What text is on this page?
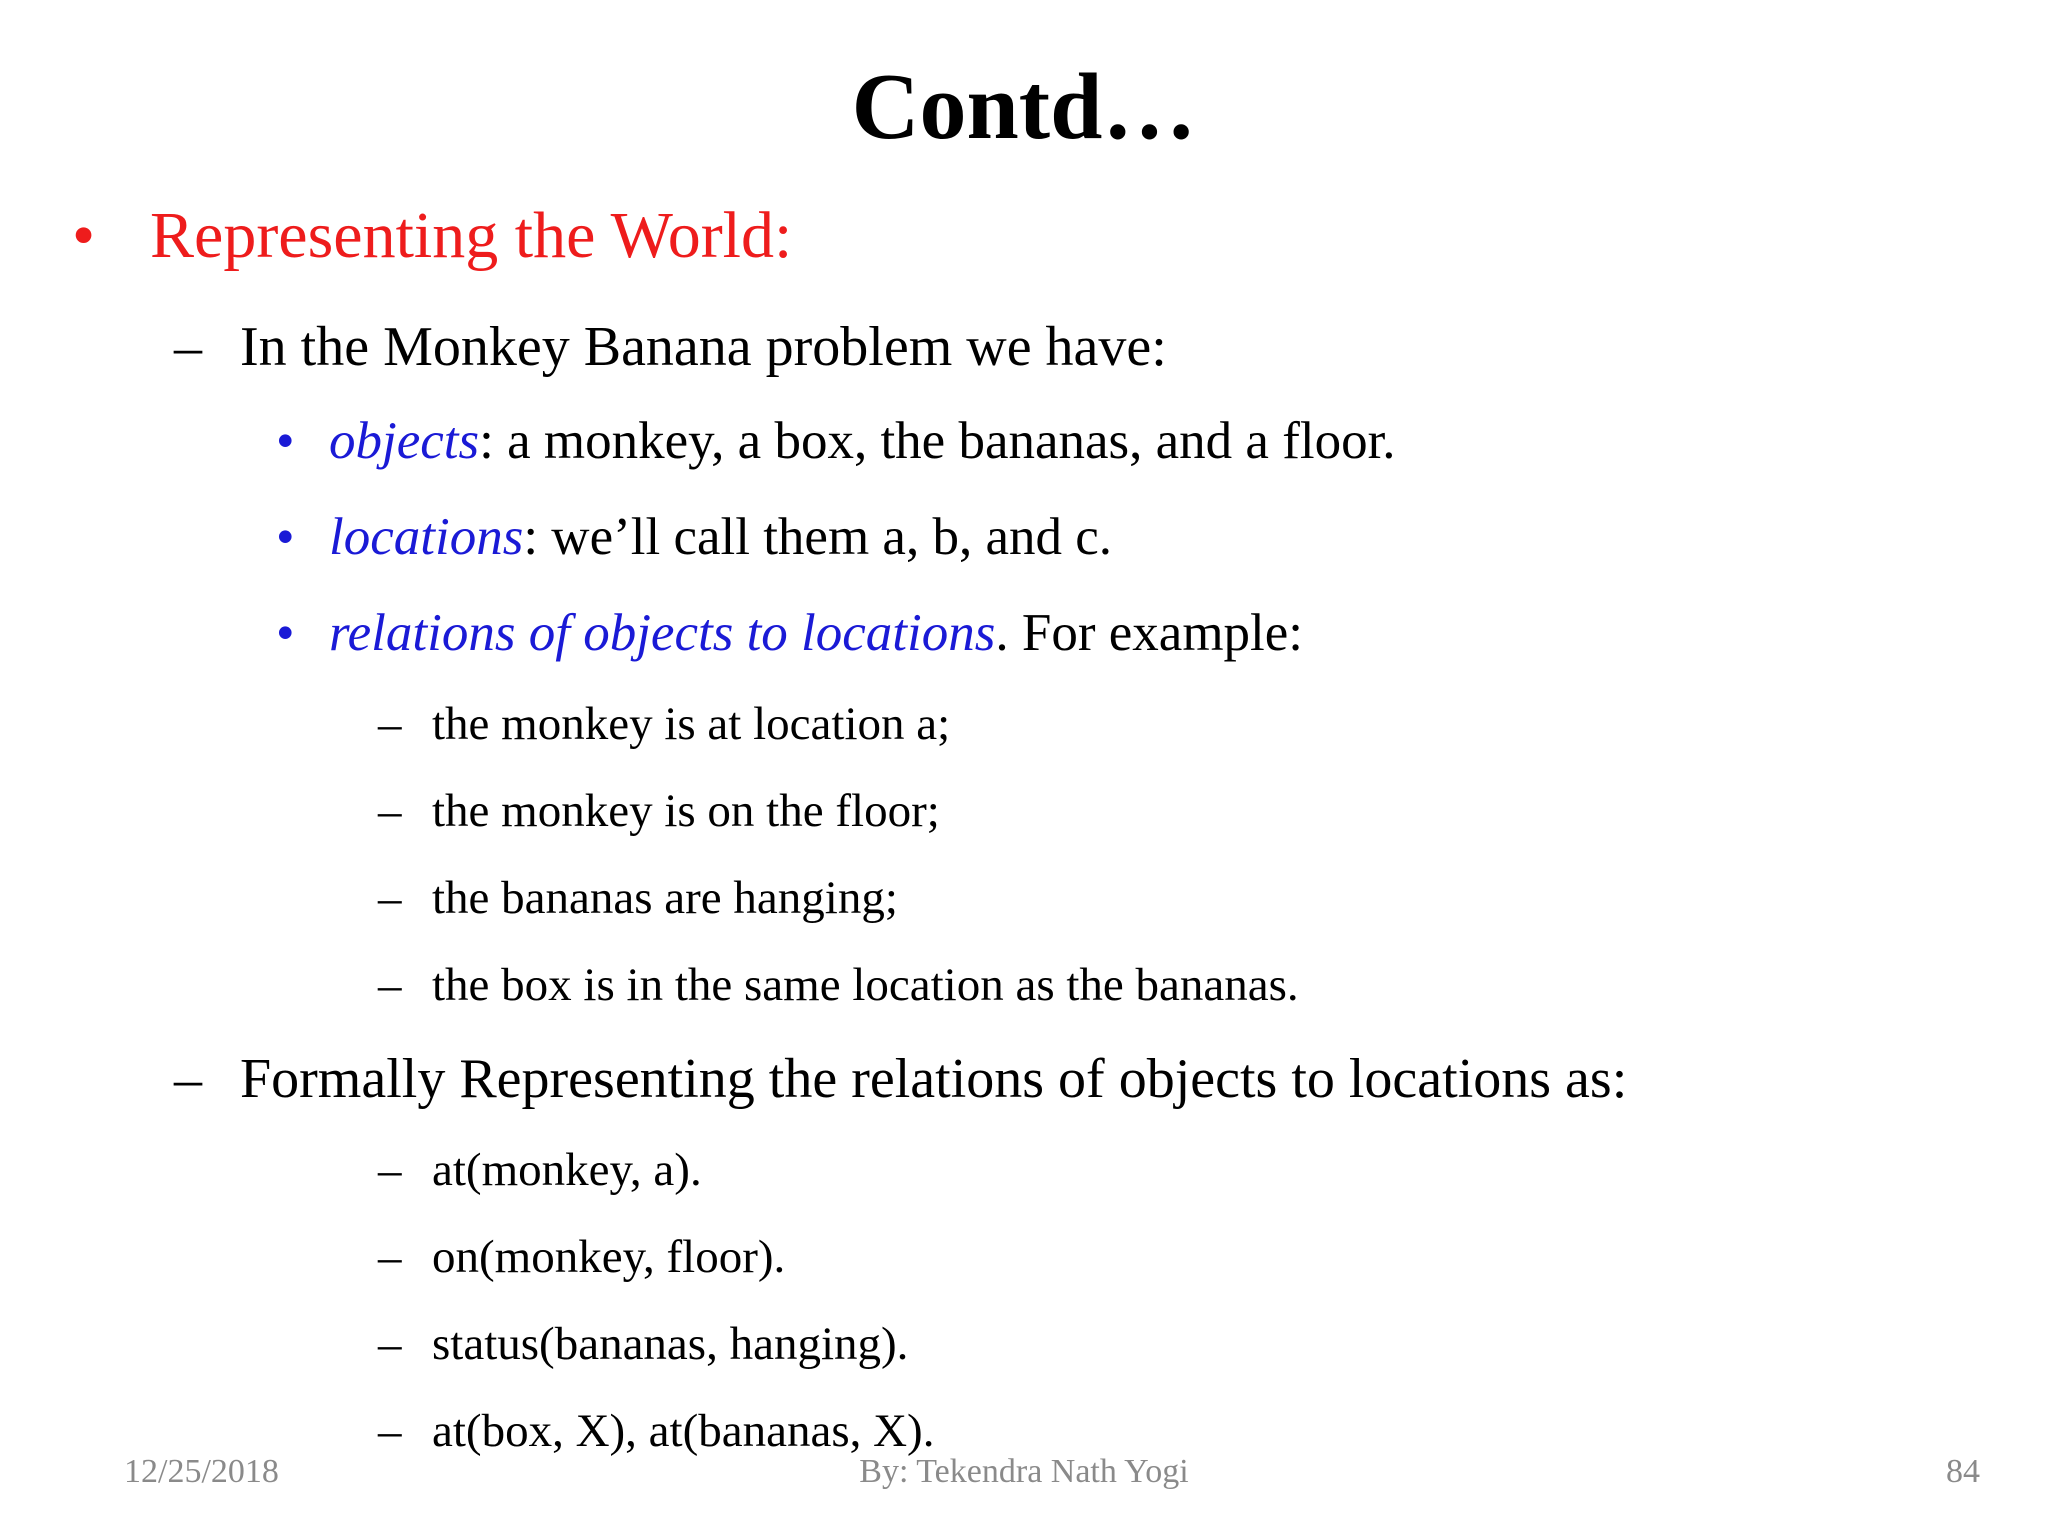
Contd…
• Representing the World:
– In the Monkey Banana problem we have:
• objects: a monkey, a box, the bananas, and a floor.
• locations: we’ll call them a, b, and c.
• relations of objects to locations. For example:
– the monkey is at location a;
– the monkey is on the floor;
– the bananas are hanging;
– the box is in the same location as the bananas.
– Formally Representing the relations of objects to locations as:
– at(monkey, a).
– on(monkey, floor).
– status(bananas, hanging).
– at(box, X), at(bananas, X).
12/25/2018	By: Tekendra Nath Yogi	84
